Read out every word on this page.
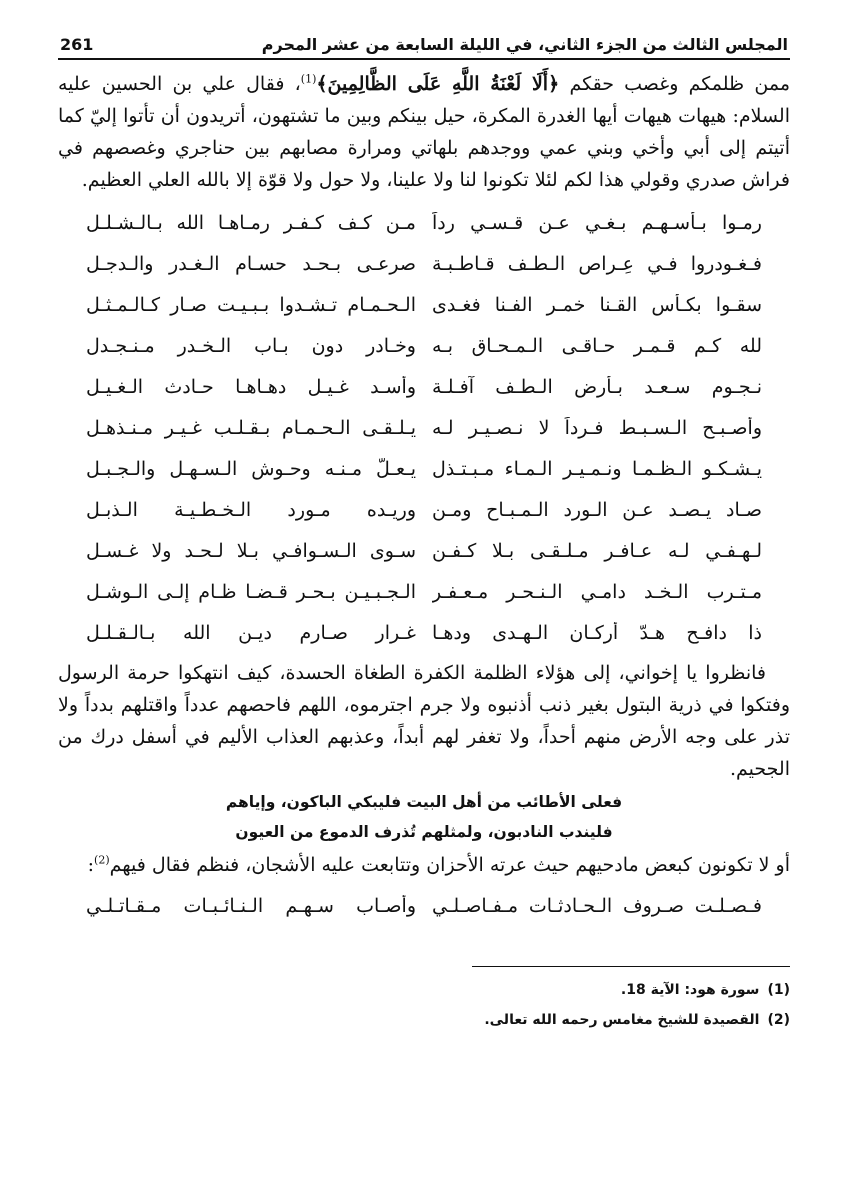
المجلس الثالث من الجزء الثاني، في الليلة السابعة من عشر المحرم
261

ممن ظلمكم وغصب حقكم ﴿أَلَا لَعْنَةُ اللَّهِ عَلَى الظَّالِمِينَ﴾$^{(1)}$، فقال علي بن الحسين عليه السلام: هيهات هيهات أيها الغدرة المكرة، حيل بينكم وبين ما تشتهون، أتريدون أن تأتوا إليّ كما أتيتم إلى أبي وأخي وبني عمي ووجدهم بلهاتي ومرارة مصابهم بين حناجري وغصصهم في فراش صدري وقولي هذا لكم لئلا تكونوا لنا ولا علينا، ولا حول ولا قوّة إلا بالله العلي العظيم.

رمـوا بـأسـهـم بـغـي عـن قـسـي رداً
مـن كـف كـفـر رمـاهـا الله بـالـشـلـل
فـغـودروا فـي عِـراص الـطـف قـاطـبـة
صرعـى بـحـد حسـام الـغـدر والـدجـل
سقـوا بكـأس القـنا خمـر الفـنا فغـدى
الـحـمـام تـشـدوا بـبـيـت صـار كـالـمـثـل
لله كـم قـمـر حـاقـى الـمـحـاق بـه
وخـادر دون بـاب الـخـدر مـنـجـدل
نـجـوم سـعـد بـأرض الـطـف آفـلـة
وأسـد غـيـل دهـاهـا حـادث الـغـيـل
وأصـبـح الـسـبـط فـرداً لا نـصـيـر لـه
يـلـقـى الـحـمـام بـقـلـب غـيـر مـنـذهـل
يـشـكـو الـظـمـا ونـمـيـر الـمـاء مـبـتـذل
يـعـلُّ مـنـه وحـوش الـسـهـل والـجـبـل
صـاد يـصـد عـن الـورد الـمـبـاح ومـن
وريـده مـورد الـخـطـيـة الـذبـل
لـهـفـي لـه عـافـر مـلـقـى بـلا كـفـن
سـوى الـسـوافـي بـلا لـحـد ولا غـسـل
مـتـرب الـخـد دامـي الـنـحـر مـعـفـر
الـجـبـيـن بـحـر قـضـا ظـام إلـى الـوشـل
ذا دافـح هـدّ أركـان الـهـدى ودهـا
غـرار صـارم ديـن الله بـالـقـلـل

فانظروا يا إخواني، إلى هؤلاء الظلمة الكفرة الطغاة الحسدة، كيف انتهكوا حرمة الرسول وفتكوا في ذرية البتول بغير ذنب أذنبوه ولا جرم اجترموه، اللهم فاحصهم عدداً واقتلهم بدداً ولا تذر على وجه الأرض منهم أحداً، ولا تغفر لهم أبداً، وعذبهم العذاب الأليم في أسفل درك من الجحيم.

فعلى الأطائب من أهل البيت فليبكي الباكون، وإياهم
فليندب النادبون، ولمثلهم تُذرف الدموع من العيون

أو لا تكونون كبعض مادحيهم حيث عرته الأحزان وتتابعت عليه الأشجان، فنظم فقال فيهم$^{(2)}$:

فـصـلـت صـروف الـحـادثـات مـفـاصـلـي
وأصـاب سـهـم الـنـائـبـات مـقـاتـلـي
(1)
سورة هود: الآية 18.
(2)
القصيدة للشيخ مغامس رحمه الله تعالى.
